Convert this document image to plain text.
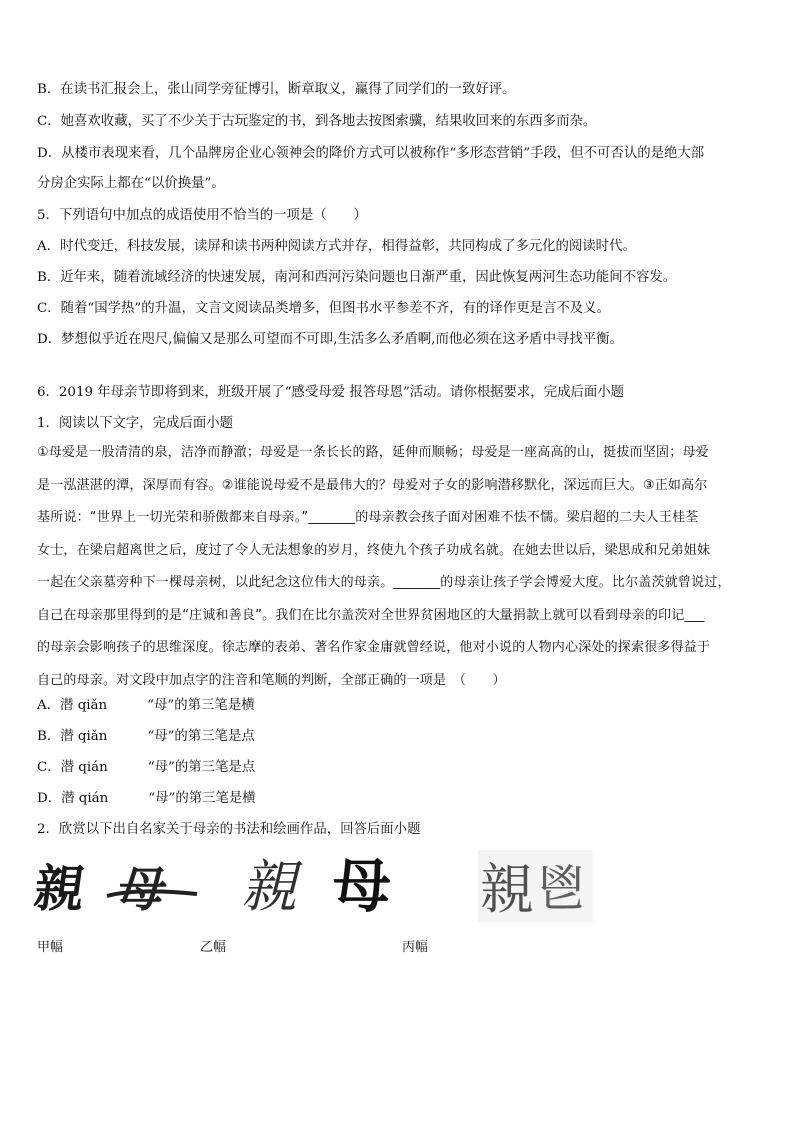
B．在读书汇报会上，张山同学旁征博引，断章取义，赢得了同学们的一致好评。
C．她喜欢收藏，买了不少关于古玩鉴定的书，到各地去按图索骥，结果收回来的东西多而杂。
D．从楼市表现来看，几个品牌房企业心领神会的降价方式可以被称作“多形态营销”手段，但不可否认的是绝大部
分房企实际上都在“以价换量”。
5．下列语句中加点的成语使用不恰当的一项是（　　）
A．时代变迁，科技发展，读屏和读书两种阅读方式并存，相得益彰，共同构成了多元化的阅读时代。
B．近年来，随着流域经济的快速发展，南河和西河污染问题也日渐严重，因此恢复两河生态功能间不容发。
C．随着“国学热”的升温，文言文阅读品类增多，但图书水平参差不齐，有的译作更是言不及义。
D．梦想似乎近在咫尺,偏偏又是那么可望而不可即,生活多么矛盾啊,而他必须在这矛盾中寻找平衡。
6．2019 年母亲节即将到来，班级开展了“感受母爱 报答母恩”活动。请你根据要求，完成后面小题
1．阅读以下文字，完成后面小题
①母爱是一股清清的泉，洁净而静澈；母爱是一条长长的路，延伸而顺畅；母爱是一座高高的山，挺拔而坚固；母爱
是一泓湛湛的潭，深厚而有容。②谁能说母爱不是最伟大的？母爱对子女的影响潜移默化，深远而巨大。③正如高尔
基所说：“世界上一切光荣和骄傲都来自母亲。”_______的母亲教会孩子面对困难不怯不懦。梁启超的二夫人王桂荃
女士，在梁启超离世之后，度过了令人无法想象的岁月，终使九个孩子功成名就。在她去世以后，梁思成和兄弟姐妹
一起在父亲墓旁种下一棵母亲树，以此纪念这位伟大的母亲。_______的母亲让孩子学会博爱大度。比尔盖茨就曾说过，
自己在母亲那里得到的是“庄诚和善良”。我们在比尔盖茨对全世界贫困地区的大量捐款上就可以看到母亲的印记___
的母亲会影响孩子的思维深度。徐志摩的表弟、著名作家金庸就曾经说，他对小说的人物内心深处的探索很多得益于
自己的母亲。对文段中加点字的注音和笔顺的判断，全部正确的一项是　（　　）
A．潜 qiǎn	“母”的第三笔是横
B．潜 qiǎn	“母”的第三笔是点
C．潜 qián	“母”的第三笔是点
D．潜 qián	“母”的第三笔是横
2．欣赏以下出自名家关于母亲的书法和绘画作品，回答后面小题
親 母 親 母 親 鬯
甲幅	乙幅	丙幅
